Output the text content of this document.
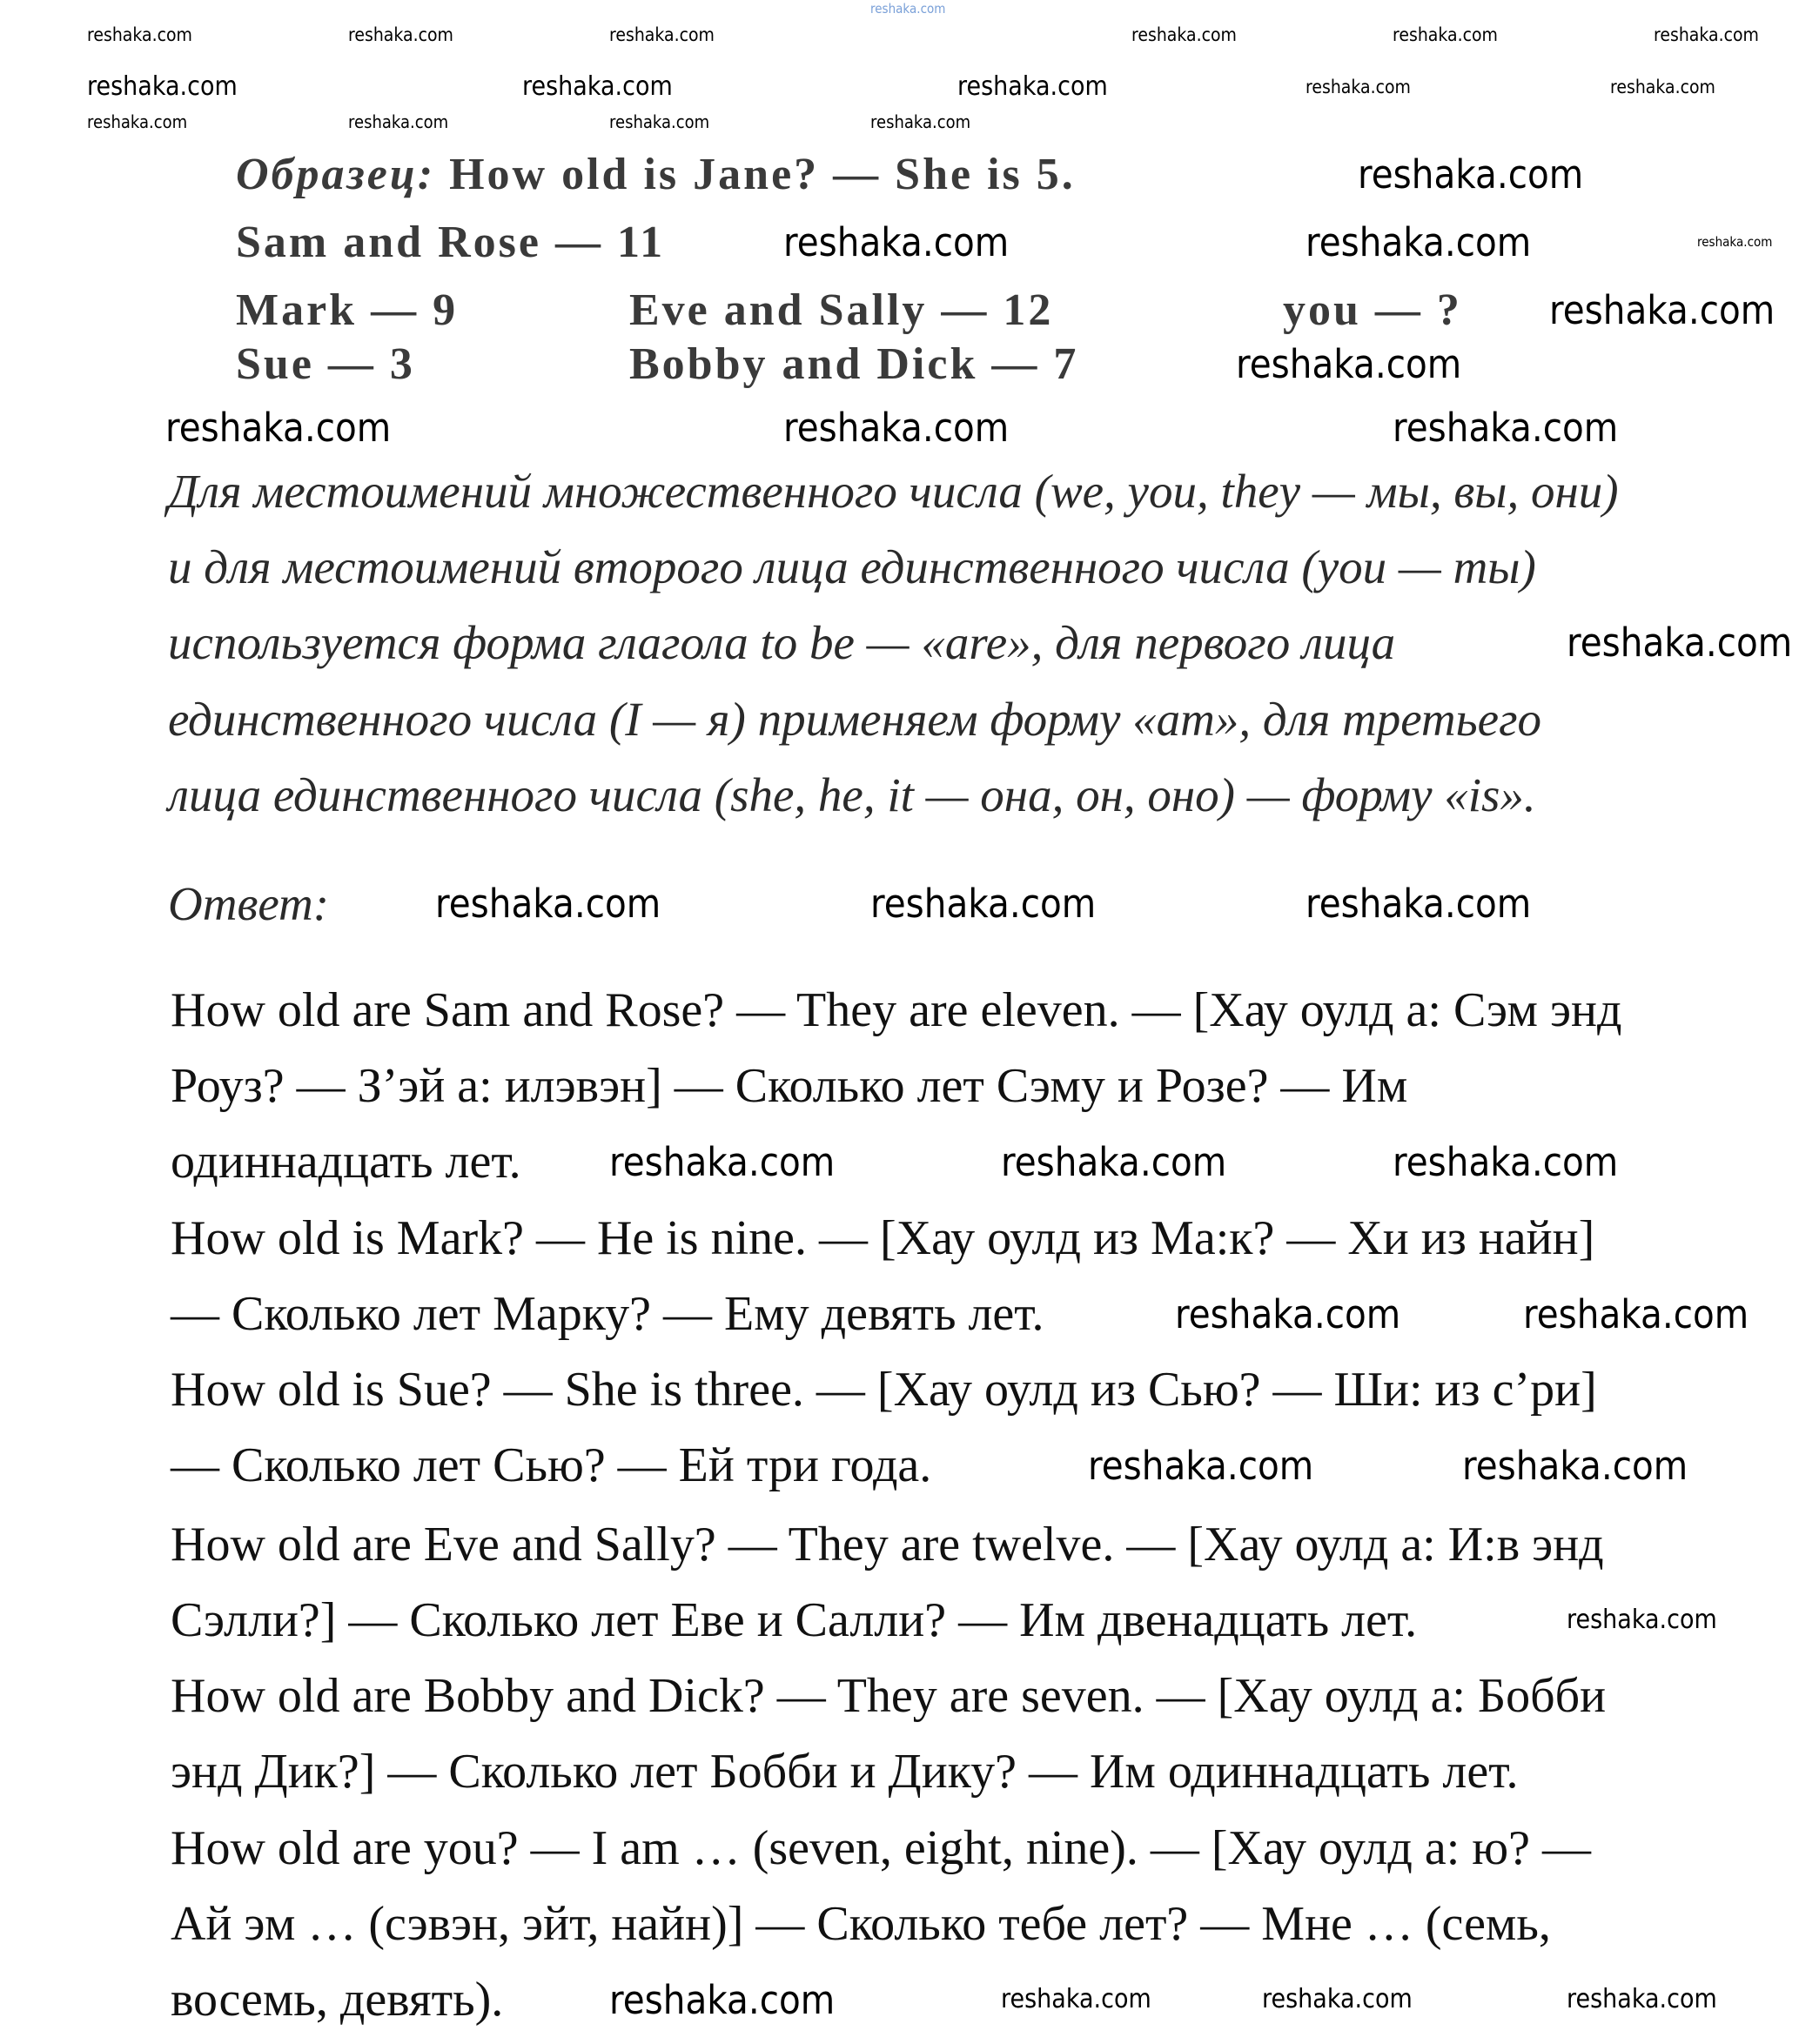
Образец: How old is Jane? — She is 5.
Sam and Rose — 11
Mark — 9	Eve and Sally — 12	you — ?
Sue — 3	Bobby and Dick — 7
Для местоимений множественного числа (we, you, they — мы, вы, они)
и для местоимений второго лица единственного числа (you — ты)
используется форма глагола to be — «are», для первого лица
единственного числа (I — я) применяем форму «am», для третьего
лица единственного числа (she, he, it — она, он, оно) — форму «is».
Ответ:
How old are Sam and Rose? — They are eleven. — [Хау оулд а: Сэм энд
Роуз? — З’эй а: илэвэн] — Сколько лет Сэму и Розе? — Им
одиннадцать лет.
How old is Mark? — He is nine. — [Хау оулд из Ма:к? — Хи из найн]
— Сколько лет Марку? — Ему девять лет.
How old is Sue? — She is three. — [Хау оулд из Сью? — Ши: из с’ри]
— Сколько лет Сью? — Ей три года.
How old are Eve and Sally? — They are twelve. — [Хау оулд а: И:в энд
Сэлли?] — Сколько лет Еве и Салли? — Им двенадцать лет.
How old are Bobby and Dick? — They are seven. — [Хау оулд а: Бобби
энд Дик?] — Сколько лет Бобби и Дику? — Им одиннадцать лет.
How old are you? — I am … (seven, eight, nine). — [Хау оулд а: ю? —
Ай эм … (сэвэн, эйт, найн)] — Сколько тебе лет? — Мне … (семь,
восемь, девять).
reshaka.com
reshaka.com
reshaka.com
reshaka.com	reshaka.com
reshaka.com
reshaka.com
reshaka.com	reshaka.com	reshaka.com
reshaka.com
reshaka.com	reshaka.com	reshaka.com
reshaka.com	reshaka.com	reshaka.com
reshaka.com	reshaka.com
reshaka.com	reshaka.com
reshaka.com	reshaka.com	reshaka.com	reshaka.com
reshaka.com
reshaka.com	reshaka.com	reshaka.com
reshaka.com	reshaka.com	reshaka.com	reshaka.com	reshaka.com	reshaka.com
reshaka.com	reshaka.com
reshaka.com	reshaka.com	reshaka.com	reshaka.com
